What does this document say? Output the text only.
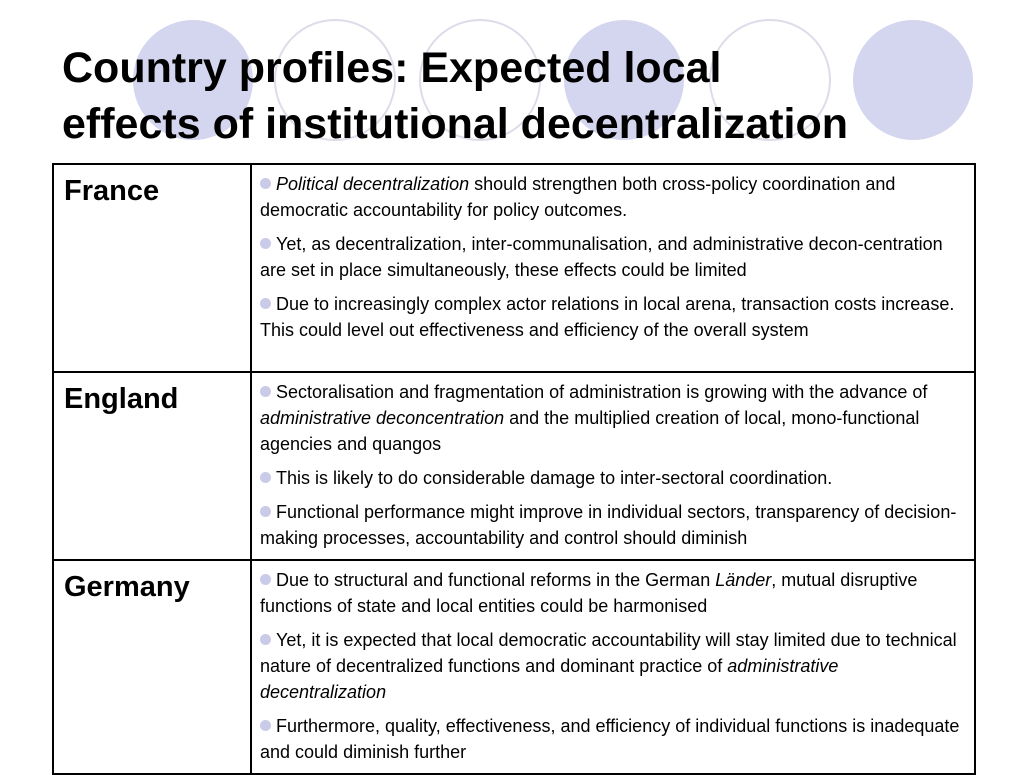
Country profiles: Expected local
effects of institutional decentralization
France	Political decentralization should strengthen both cross-policy coordination and democratic accountability for policy outcomes.

Yet, as decentralization, inter-communalisation, and administrative decon-centration are set in place simultaneously, these effects could be limited

Due to increasingly complex actor relations in local arena, transaction costs increase. This could level out effectiveness and efficiency of the overall system

England	Sectoralisation and fragmentation of administration is growing with the advance of administrative deconcentration and the multiplied creation of local, mono-functional agencies and quangos

This is likely to do considerable damage to inter-sectoral coordination.

Functional performance might improve in individual sectors, transparency of decision-making processes, accountability and control should diminish

Germany	Due to structural and functional reforms in the German Länder, mutual disruptive functions of state and local entities could be harmonised

Yet, it is expected that local democratic accountability will stay limited due to technical nature of decentralized functions and dominant practice of administrative decentralization

Furthermore, quality, effectiveness, and efficiency of individual functions is inadequate and could diminish further
